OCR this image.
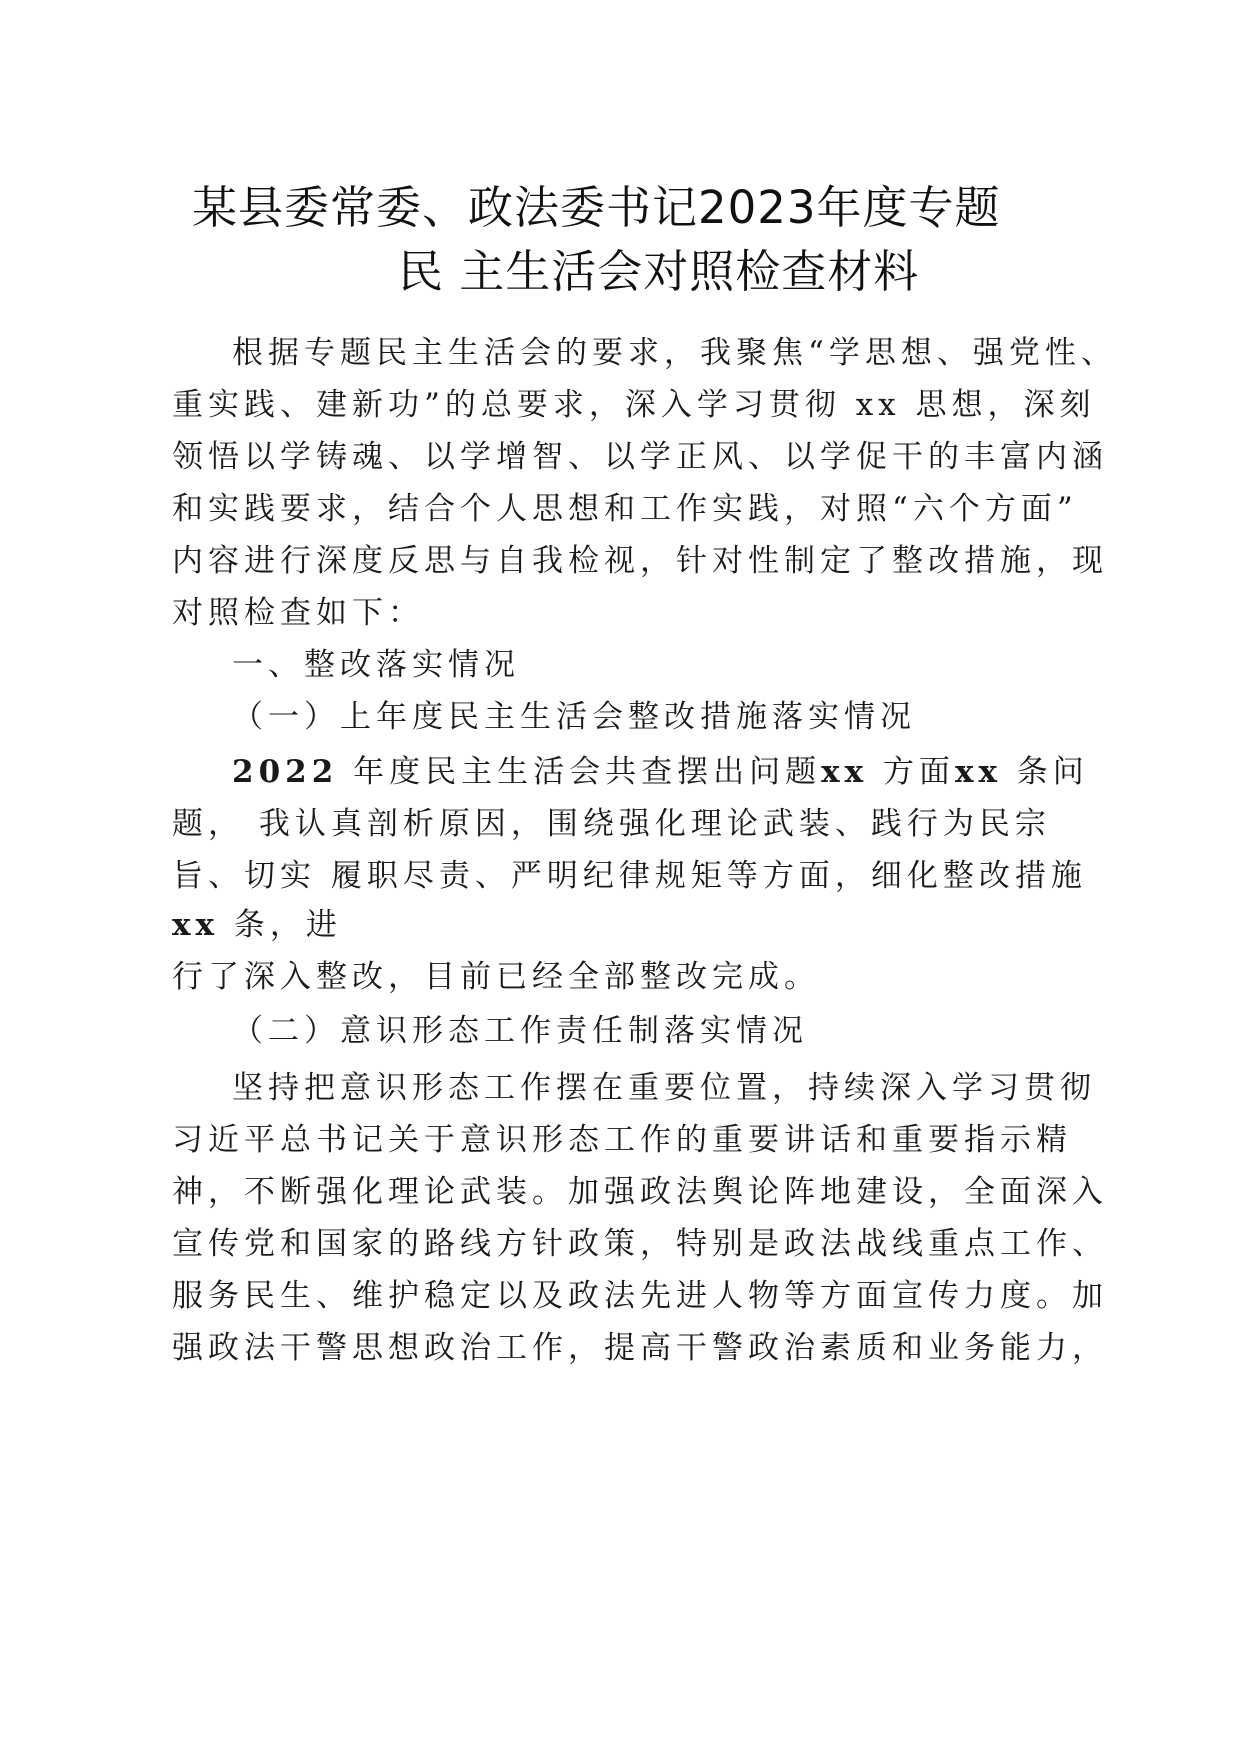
某县委常委、政法委书记2023年度专题
民 主生活会对照检查材料
根据专题民主生活会的要求，我聚焦“学思想、强党性、
重实践、建新功”的总要求，深入学习贯彻 xx 思想，深刻
领悟以学铸魂、以学增智、以学正风、以学促干的丰富内涵
和实践要求，结合个人思想和工作实践，对照“六个方面”
内容进行深度反思与自我检视，针对性制定了整改措施，现
对照检查如下：
一、整改落实情况
（一）上年度民主生活会整改措施落实情况
2022 年度民主生活会共查摆出问题xx 方面xx 条问
题， 我认真剖析原因，围绕强化理论武装、践行为民宗
旨、切实 履职尽责、严明纪律规矩等方面，细化整改措施
xx 条，进
行了深入整改，目前已经全部整改完成。
（二）意识形态工作责任制落实情况
坚持把意识形态工作摆在重要位置，持续深入学习贯彻
习近平总书记关于意识形态工作的重要讲话和重要指示精
神，不断强化理论武装。加强政法舆论阵地建设，全面深入
宣传党和国家的路线方针政策，特别是政法战线重点工作、
服务民生、维护稳定以及政法先进人物等方面宣传力度。加
强政法干警思想政治工作，提高干警政治素质和业务能力，
